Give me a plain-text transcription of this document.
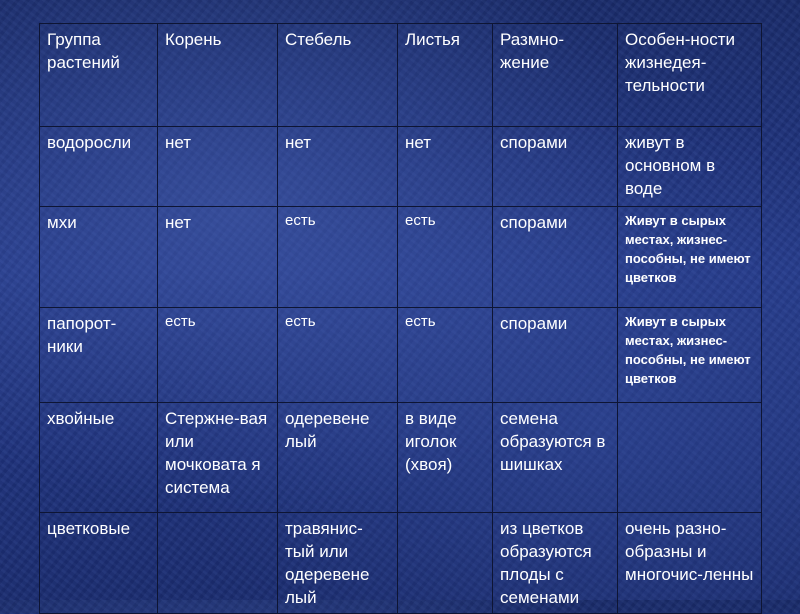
Группа растений	Корень	Стебель	Листья	Размно-жение	Особен-ности жизнедея-тельности
водоросли	нет	нет	нет	спорами	живут в основном в воде
мхи	нет	есть	есть	спорами	Живут в сырых местах, жизнес-пособны, не имеют цветков
папорот-ники	есть	есть	есть	спорами	Живут в сырых местах, жизнес-пособны, не имеют цветков
хвойные	Стержне-вая или мочковата я система	одеревене лый	в виде иголок (хвоя)	семена образуются в шишках	
цветковые		травянис-тый или одеревене лый		из цветков образуются плоды с семенами	очень разно-образны и многочис-ленны
